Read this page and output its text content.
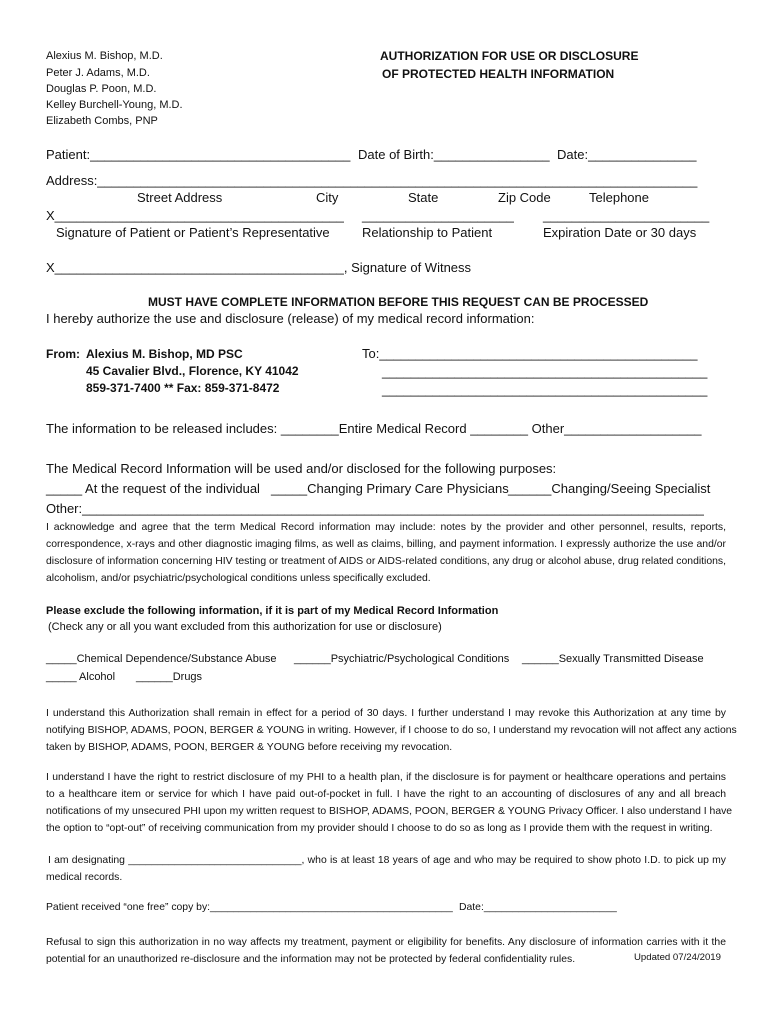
Alexius M. Bishop, M.D.
Peter J. Adams, M.D.
Douglas P. Poon, M.D.
Kelley Burchell-Young, M.D.
Elizabeth Combs, PNP
AUTHORIZATION FOR USE OR DISCLOSURE
OF PROTECTED HEALTH INFORMATION
Patient:____________________________________ Date of Birth:________________ Date:_______________
Address:___________________________________________________________________________________
Street Address	City	State	Zip Code	Telephone
X________________________________________ _____________________ _______________________
Signature of Patient or Patient’s Representative Relationship to Patient	Expiration Date or 30 days
X________________________________________, Signature of Witness
MUST HAVE COMPLETE INFORMATION BEFORE THIS REQUEST CAN BE PROCESSED
I hereby authorize the use and disclosure (release) of my medical record information:
From: Alexius M. Bishop, MD PSC
45 Cavalier Blvd., Florence, KY 41042
859-371-7400 ** Fax: 859-371-8472
To:____________________________________________
_____________________________________________
_____________________________________________
The information to be released includes: ________Entire Medical Record ________ Other___________________
The Medical Record Information will be used and/or disclosed for the following purposes:
_____ At the request of the individual _____Changing Primary Care Physicians ______Changing/Seeing Specialist
Other:______________________________________________________________________________________
I acknowledge and agree that the term Medical Record information may include: notes by the provider and other personnel, results, reports,
correspondence, x-rays and other diagnostic imaging films, as well as claims, billing, and payment information. I expressly authorize the use and/or
disclosure of information concerning HIV testing or treatment of AIDS or AIDS-related conditions, any drug or alcohol abuse, drug related conditions,
alcoholism, and/or psychiatric/psychological conditions unless specifically excluded.
Please exclude the following information, if it is part of my Medical Record Information
(Check any or all you want excluded from this authorization for use or disclosure)
_____Chemical Dependence/Substance Abuse ______Psychiatric/Psychological Conditions ______Sexually Transmitted Disease
_____ Alcohol ______Drugs
I understand this Authorization shall remain in effect for a period of 30 days. I further understand I may revoke this Authorization at any time by
notifying BISHOP, ADAMS, POON, BERGER & YOUNG in writing. However, if I choose to do so, I understand my revocation will not affect any actions
taken by BISHOP, ADAMS, POON, BERGER & YOUNG before receiving my revocation.
I understand I have the right to restrict disclosure of my PHI to a health plan, if the disclosure is for payment or healthcare operations and pertains
to a healthcare item or service for which I have paid out-of-pocket in full. I have the right to an accounting of disclosures of any and all breach
notifications of my unsecured PHI upon my written request to BISHOP, ADAMS, POON, BERGER & YOUNG Privacy Officer. I also understand I have
the option to “opt-out” of receiving communication from my provider should I choose to do so as long as I provide them with the request in writing.
I am designating ______________________________, who is at least 18 years of age and who may be required to show photo I.D. to pick up my
medical records.
Patient received “one free” copy by:__________________________________________ Date:_______________________
Refusal to sign this authorization in no way affects my treatment, payment or eligibility for benefits. Any disclosure of information carries with it the
potential for an unauthorized re-disclosure and the information may not be protected by federal confidentiality rules.	Updated 07/24/2019
